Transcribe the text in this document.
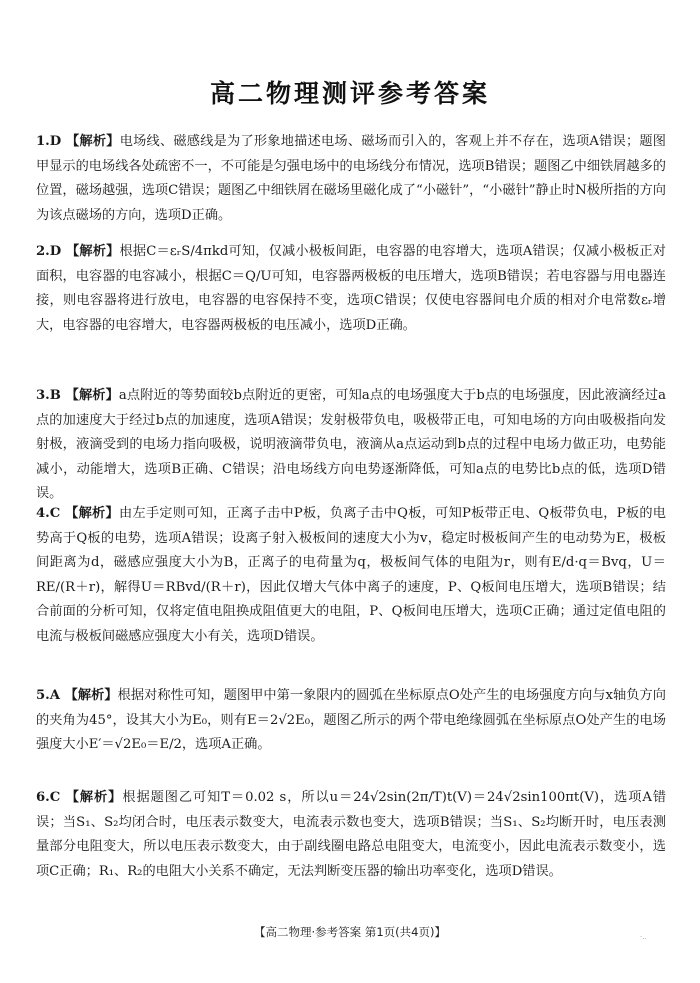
高二物理测评参考答案
1.D 【解析】电场线、磁感线是为了形象地描述电场、磁场而引入的，客观上并不存在，选项A错误；题图甲显示的电场线各处疏密不一，不可能是匀强电场中的电场线分布情况，选项B错误；题图乙中细铁屑越多的位置，磁场越强，选项C错误；题图乙中细铁屑在磁场里磁化成了“小磁针”，“小磁针”静止时N极所指的方向为该点磁场的方向，选项D正确。
2.D 【解析】根据C＝εᵣS/4πkd可知，仅减小极板间距，电容器的电容增大，选项A错误；仅减小极板正对面积，电容器的电容减小，根据C＝Q/U可知，电容器两极板的电压增大，选项B错误；若电容器与用电器连接，则电容器将进行放电，电容器的电容保持不变，选项C错误；仅使电容器间电介质的相对介电常数εᵣ增大，电容器的电容增大，电容器两极板的电压减小，选项D正确。
3.B 【解析】a点附近的等势面较b点附近的更密，可知a点的电场强度大于b点的电场强度，因此液滴经过a点的加速度大于经过b点的加速度，选项A错误；发射极带负电，吸极带正电，可知电场的方向由吸极指向发射极，液滴受到的电场力指向吸极，说明液滴带负电，液滴从a点运动到b点的过程中电场力做正功，电势能减小，动能增大，选项B正确、C错误；沿电场线方向电势逐渐降低，可知a点的电势比b点的低，选项D错误。
4.C 【解析】由左手定则可知，正离子击中P板，负离子击中Q板，可知P板带正电、Q板带负电，P板的电势高于Q板的电势，选项A错误；设离子射入极板间的速度大小为v，稳定时极板间产生的电动势为E，极板间距离为d，磁感应强度大小为B，正离子的电荷量为q，极板间气体的电阻为r，则有E/d·q＝Bvq，U＝RE/(R＋r)，解得U＝RBvd/(R＋r)，因此仅增大气体中离子的速度，P、Q板间电压增大，选项B错误；结合前面的分析可知，仅将定值电阻换成阻值更大的电阻，P、Q板间电压增大，选项C正确；通过定值电阻的电流与极板间磁感应强度大小有关，选项D错误。
5.A 【解析】根据对称性可知，题图甲中第一象限内的圆弧在坐标原点O处产生的电场强度方向与x轴负方向的夹角为45°，设其大小为E₀，则有E＝2√2E₀，题图乙所示的两个带电绝缘圆弧在坐标原点O处产生的电场强度大小E′＝√2E₀＝E/2，选项A正确。
6.C 【解析】根据题图乙可知T＝0.02 s，所以u＝24√2sin(2π/T)t(V)＝24√2sin100πt(V)，选项A错误；当S₁、S₂均闭合时，电压表示数变大，电流表示数也变大，选项B错误；当S₁、S₂均断开时，电压表测量部分电阻变大，所以电压表示数变大，由于副线圈电路总电阻变大，电流变小，因此电流表示数变小，选项C正确；R₁、R₂的电阻大小关系不确定，无法判断变压器的输出功率变化，选项D错误。
【高二物理·参考答案 第1页(共4页)】	·..
